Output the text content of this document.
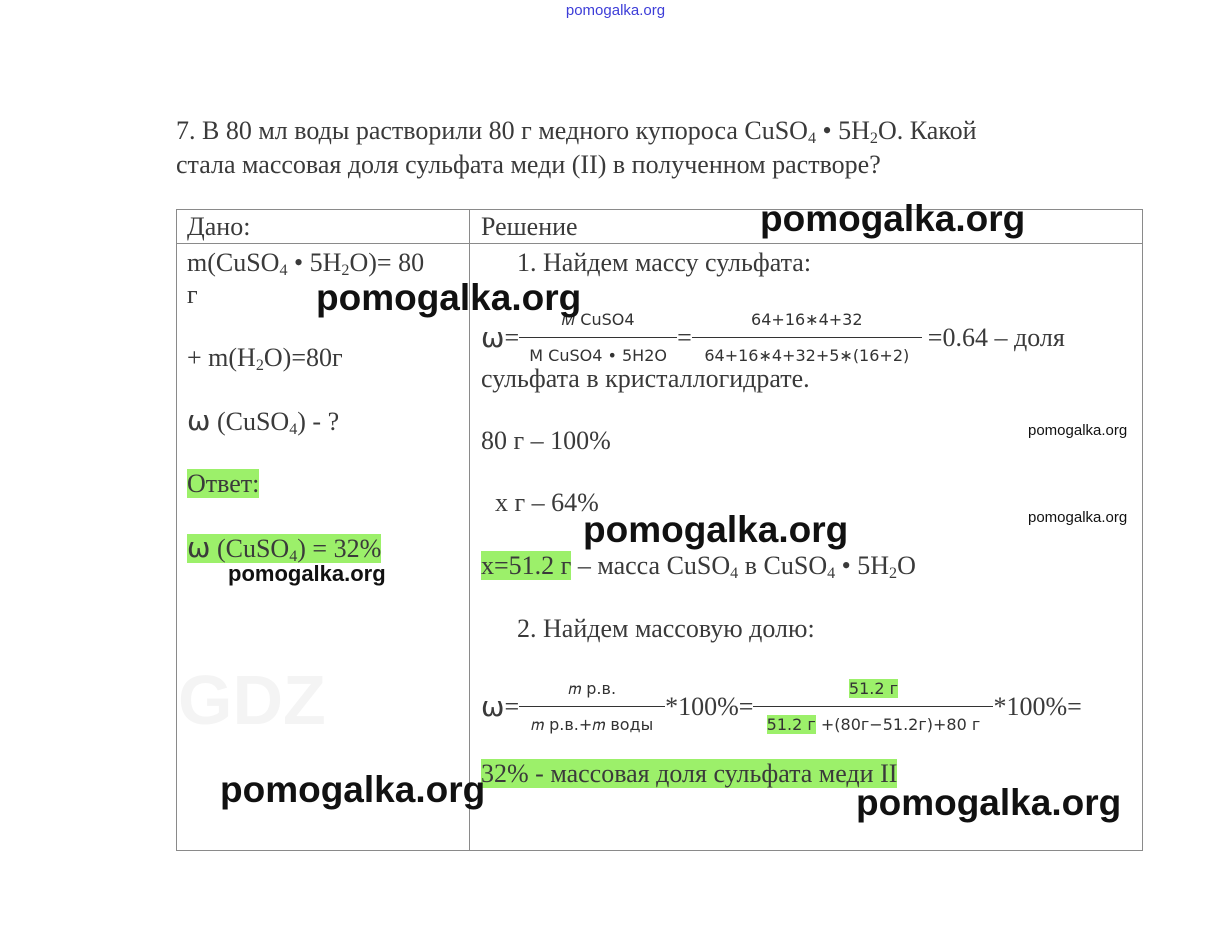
pomogalka.org
7. В 80 мл воды растворили 80 г медного купороса CuSO$_4$ • $5H_2O$. Какой
стала массовая доля сульфата меди (II) в полученном растворе?
GDZ
Дано:	Решение
m(CuSO$_4$ • $5H_2O)= 80$
г
+ $m(H_2O)=80г$
ω (CuSO$_4$) - ?
Ответ:
ω (CuSO$_4$) = 32%
1. Найдем массу сульфата:
$\omega = \frac{\text{𝑀 CuSO4}}{\text{M CuSO4 • 5H2O}} = \frac{64+16∗4+32}{64+16∗4+32+5∗(16+2)} =0.64$ – доля
сульфата в кристаллогидрате.
80 г – 100%
х г – 64%
x=51.2 г – масса CuSO$_4$ в CuSO$_4$ • $5H_2O$
2. Найдем массовую долю:
$\omega = \frac{\text{𝑚 р.в.}}{\text{𝑚 р.в.+𝑚 воды}} *100\%= \frac{51.2 г}{51.2 г +(80г-51.2г)+80 г} *100\%=$
32% - массовая доля сульфата меди II
pomogalka.org
pomogalka.org
pomogalka.org
pomogalka.org
pomogalka.org
pomogalka.org
pomogalka.org	pomogalka.org
